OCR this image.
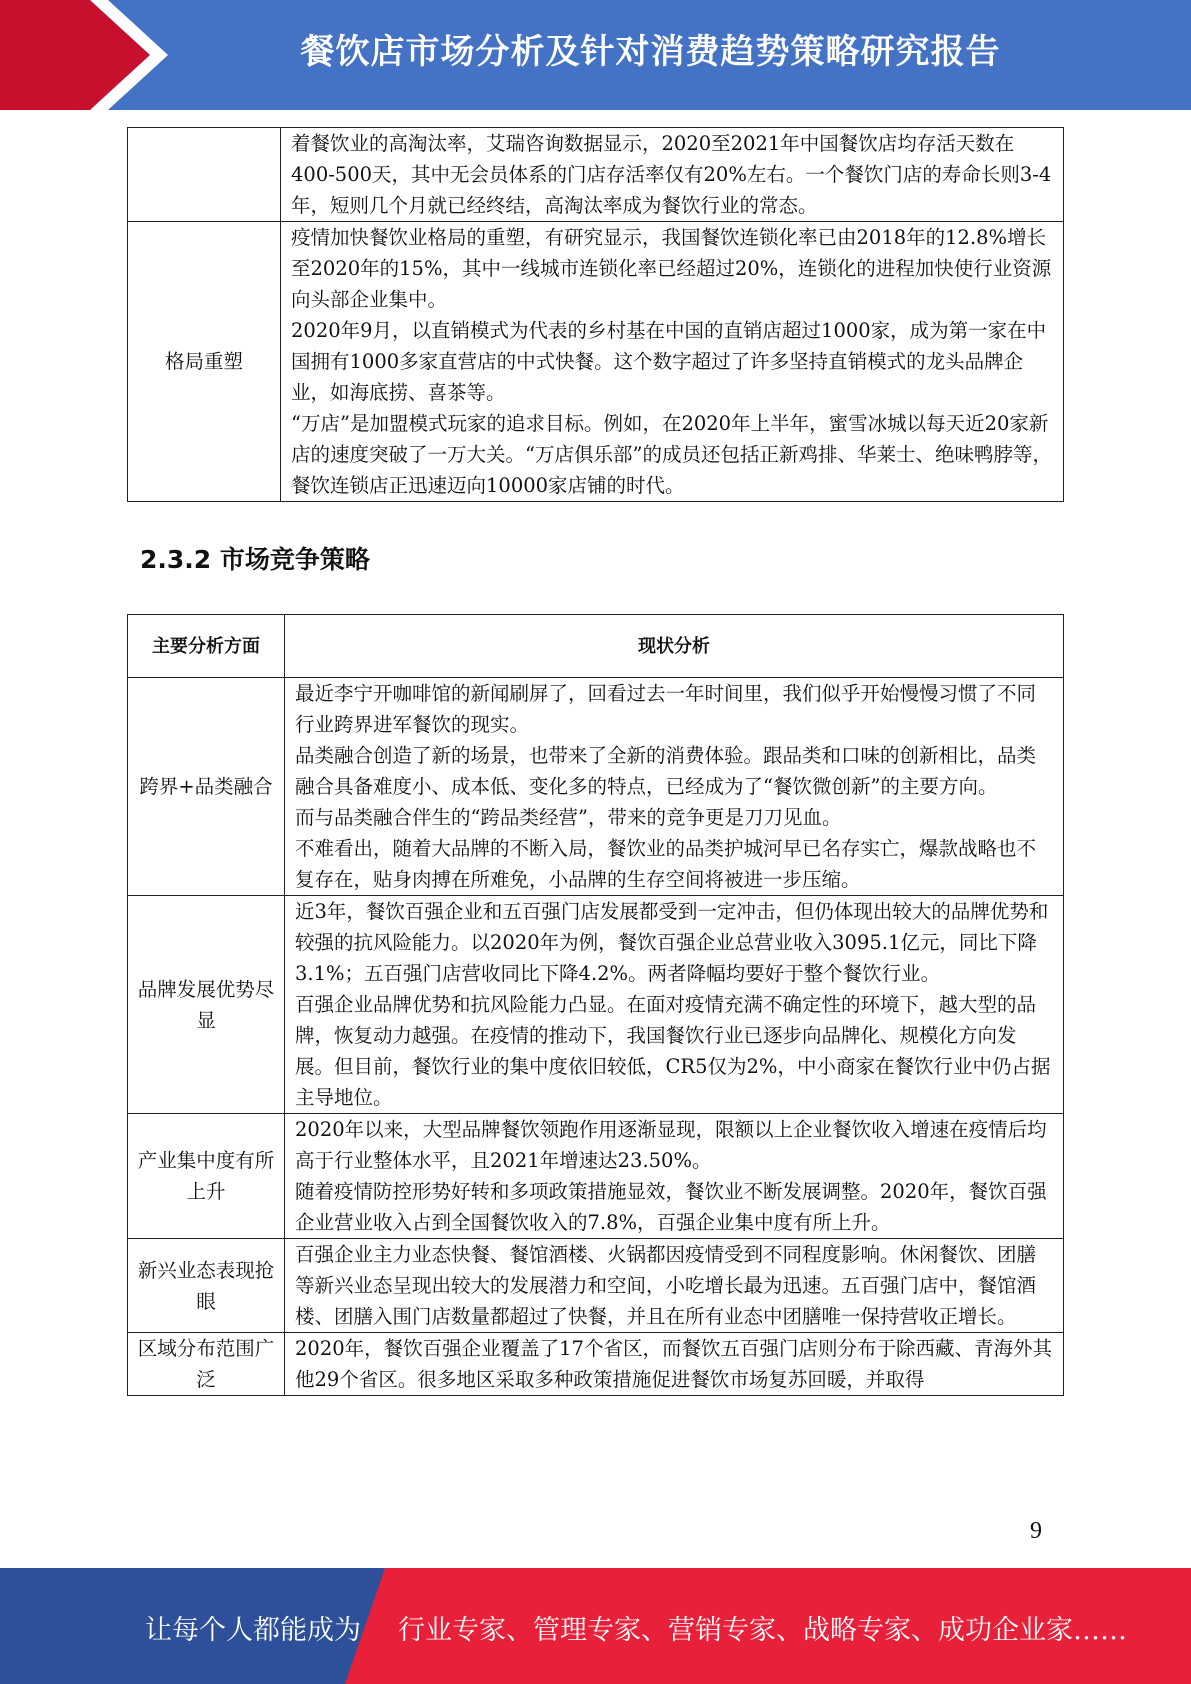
餐饮店市场分析及针对消费趋势策略研究报告

	着餐饮业的高淘汰率，艾瑞咨询数据显示，2020至2021年中国餐饮店均存活天数在400-500天，其中无会员体系的门店存活率仅有20%左右。一个餐饮门店的寿命长则3-4年，短则几个月就已经终结，高淘汰率成为餐饮行业的常态。

格局重塑	疫情加快餐饮业格局的重塑，有研究显示，我国餐饮连锁化率已由2018年的12.8%增长至2020年的15%，其中一线城市连锁化率已经超过20%，连锁化的进程加快使行业资源向头部企业集中。

2020年9月，以直销模式为代表的乡村基在中国的直销店超过1000家，成为第一家在中国拥有1000多家直营店的中式快餐。这个数字超过了许多坚持直销模式的龙头品牌企业，如海底捞、喜茶等。

“万店”是加盟模式玩家的追求目标。例如，在2020年上半年，蜜雪冰城以每天近20家新店的速度突破了一万大关。“万店俱乐部”的成员还包括正新鸡排、华莱士、绝味鸭脖等，餐饮连锁店正迅速迈向10000家店铺的时代。

2.3.2 市场竞争策略
主要分析方面	现状分析
跨界+品类融合	最近李宁开咖啡馆的新闻刷屏了，回看过去一年时间里，我们似乎开始慢慢习惯了不同行业跨界进军餐饮的现实。

品类融合创造了新的场景，也带来了全新的消费体验。跟品类和口味的创新相比，品类融合具备难度小、成本低、变化多的特点，已经成为了“餐饮微创新”的主要方向。

而与品类融合伴生的“跨品类经营”，带来的竞争更是刀刀见血。

不难看出，随着大品牌的不断入局，餐饮业的品类护城河早已名存实亡，爆款战略也不复存在，贴身肉搏在所难免，小品牌的生存空间将被进一步压缩。

品牌发展优势尽显	近3年，餐饮百强企业和五百强门店发展都受到一定冲击，但仍体现出较大的品牌优势和较强的抗风险能力。以2020年为例，餐饮百强企业总营业收入3095.1亿元，同比下降3.1%；五百强门店营收同比下降4.2%。两者降幅均要好于整个餐饮行业。

百强企业品牌优势和抗风险能力凸显。在面对疫情充满不确定性的环境下，越大型的品牌，恢复动力越强。在疫情的推动下，我国餐饮行业已逐步向品牌化、规模化方向发展。但目前，餐饮行业的集中度依旧较低，CR5仅为2%，中小商家在餐饮行业中仍占据主导地位。

产业集中度有所上升	2020年以来，大型品牌餐饮领跑作用逐渐显现，限额以上企业餐饮收入增速在疫情后均高于行业整体水平，且2021年增速达23.50%。

随着疫情防控形势好转和多项政策措施显效，餐饮业不断发展调整。2020年，餐饮百强企业营业收入占到全国餐饮收入的7.8%，百强企业集中度有所上升。

新兴业态表现抢眼	百强企业主力业态快餐、餐馆酒楼、火锅都因疫情受到不同程度影响。休闲餐饮、团膳等新兴业态呈现出较大的发展潜力和空间，小吃增长最为迅速。五百强门店中，餐馆酒楼、团膳入围门店数量都超过了快餐，并且在所有业态中团膳唯一保持营收正增长。

区域分布范围广泛	2020年，餐饮百强企业覆盖了17个省区，而餐饮五百强门店则分布于除西藏、青海外其他29个省区。很多地区采取多种政策措施促进餐饮市场复苏回暖，并取得

9
让每个人都能成为 行业专家、管理专家、营销专家、战略专家、成功企业家……
